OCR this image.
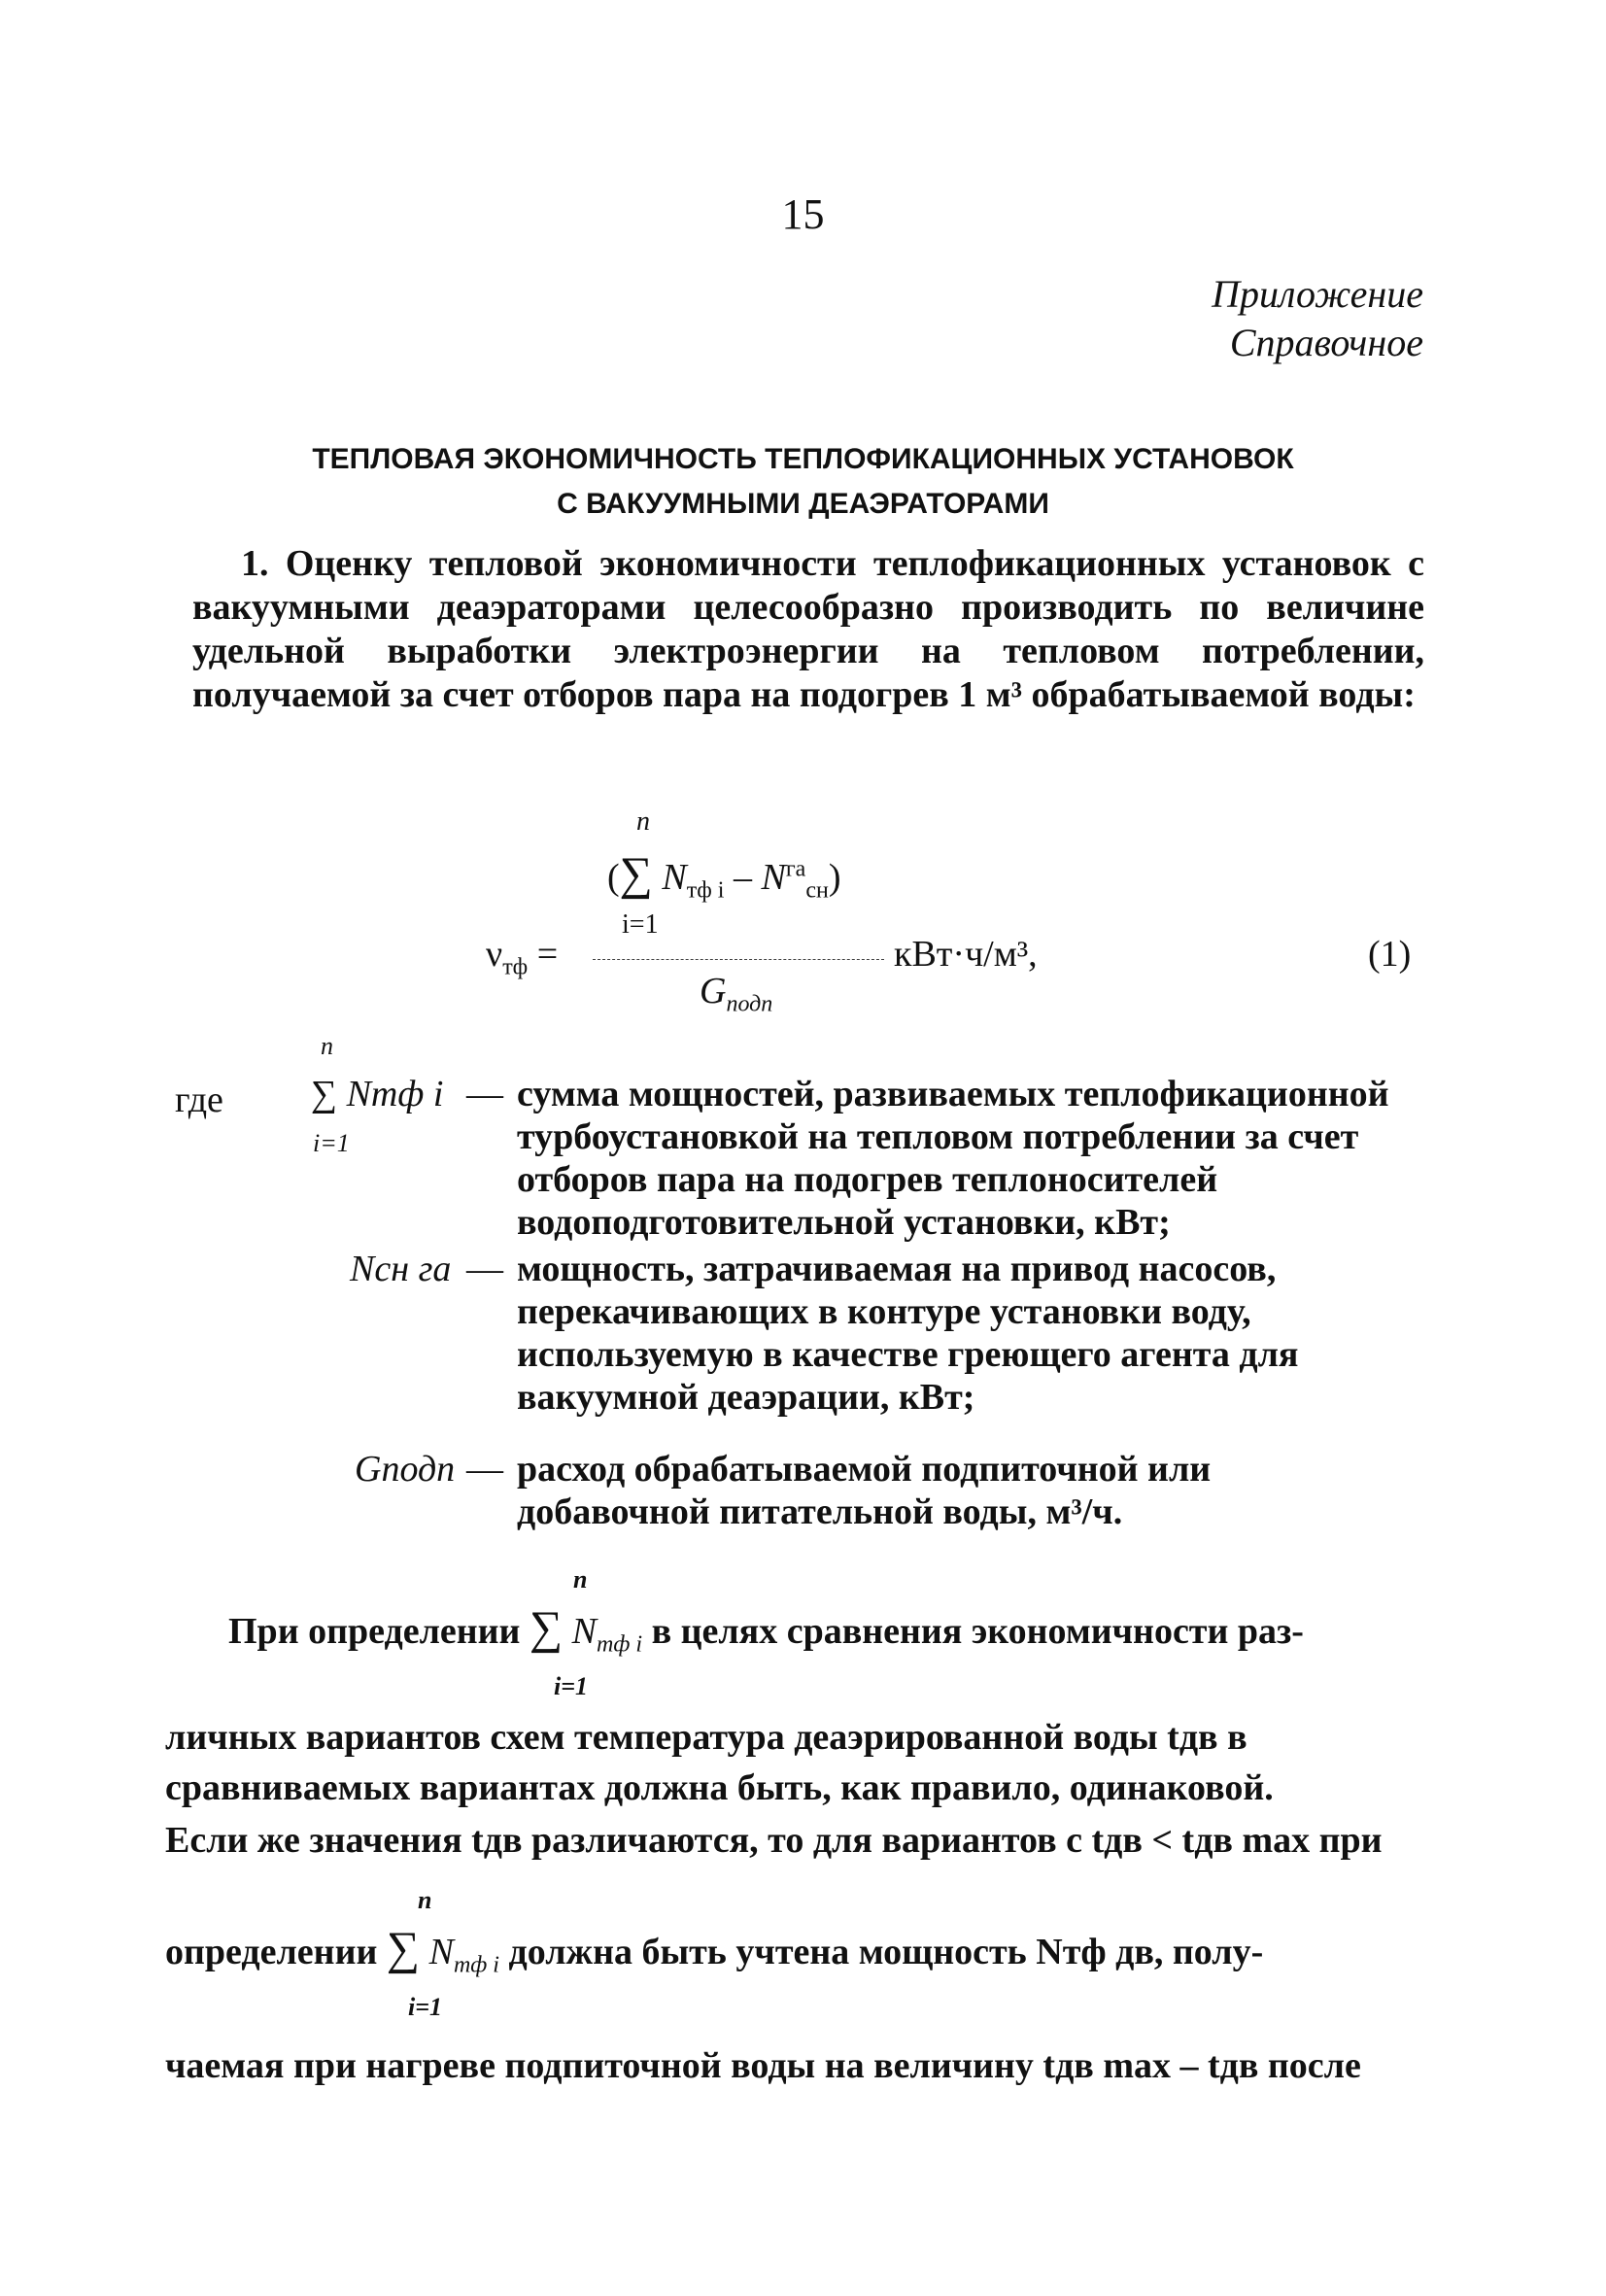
15
Приложение
Справочное
ТЕПЛОВАЯ ЭКОНОМИЧНОСТЬ ТЕПЛОФИКАЦИОННЫХ УСТАНОВОК
С ВАКУУМНЫМИ ДЕАЭРАТОРАМИ
1. Оценку тепловой экономичности теплофикационных установок с вакуумными деаэраторами целесообразно производить по величине удельной выработки электроэнергии на тепловом потреблении, получаемой за счет отборов пара на подогрев 1 м³ обрабатываемой воды:
n
(∑ $N_{тф i} - N^{га}_{сн}$)
i=1
$\nu_{тф}$ =
$G_{подп}$
кВт·ч/м³,	(1)
n
где ∑ Nтф i
i=1
— сумма мощностей, развиваемых теплофикационной турбоустановкой на тепловом потреблении за счет отборов пара на подогрев теплоносителей водоподготовительной установки, кВт;
Nсн га — мощность, затрачиваемая на привод насосов, перекачивающих в контуре установки воду, используемую в качестве греющего агента для вакуумной деаэрации, кВт;
Gподп — расход обрабатываемой подпиточной или добавочной питательной воды, м³/ч.
n
При определении ∑ $N_{тф i}$ в целях сравнения экономичности раз-
i=1
личных вариантов схем температура деаэрированной воды tдв в
сравниваемых вариантах должна быть, как правило, одинаковой.
Если же значения tдв различаются, то для вариантов с tдв < tдв max при
n
определении ∑ $N_{тф i}$ должна быть учтена мощность Nтф дв, полу-
i=1
чаемая при нагреве подпиточной воды на величину tдв max – tдв после
